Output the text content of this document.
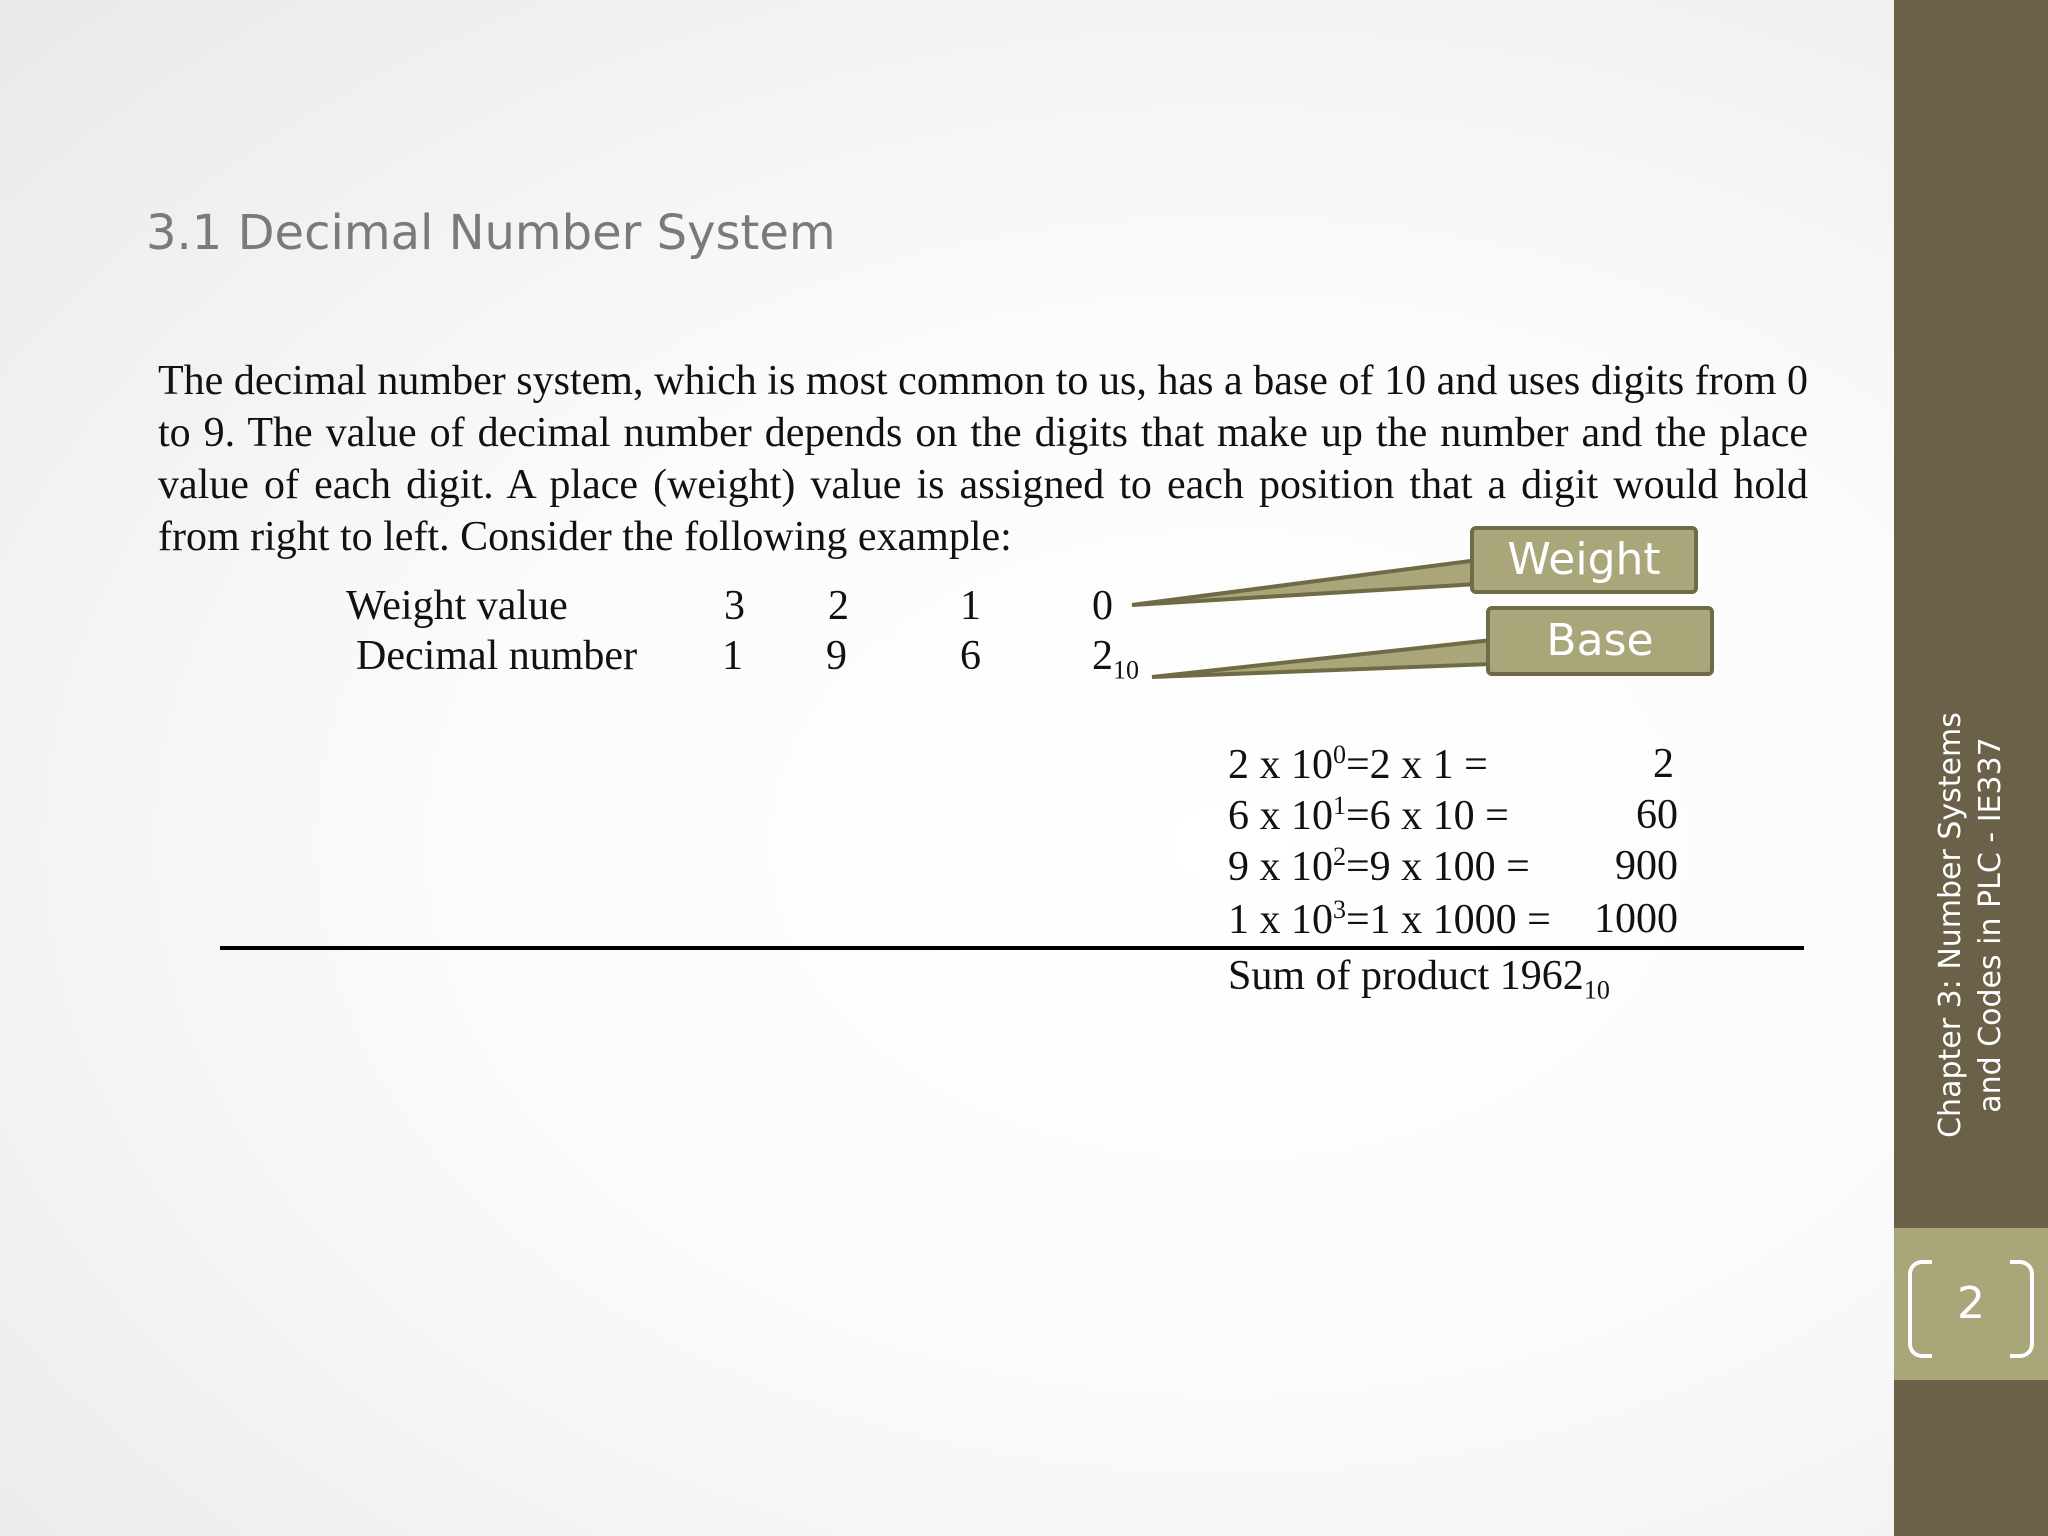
3.1 Decimal Number System

The decimal number system, which is most common to us, has a base of 10 and uses digits from 0 to 9. The value of decimal number depends on the digits that make up the number and the place value of each digit. A place (weight) value is assigned to each position that a digit would hold from right to left. Consider the following example:

Weight value	3 2	1	0
Decimal number 1 9	6	$2_{10}$
Weight
Base
2 x $10^0=2$ x 1 =	2
6 x $10^1=6$ x 10 =	60
9 x $10^2=9$ x 100 = 900
1 x $10^3=1$ x 1000 = 1000
Sum of product $1962_{10}$	Chapter 3: Number Systems and Codes in PLC - IE337
2
